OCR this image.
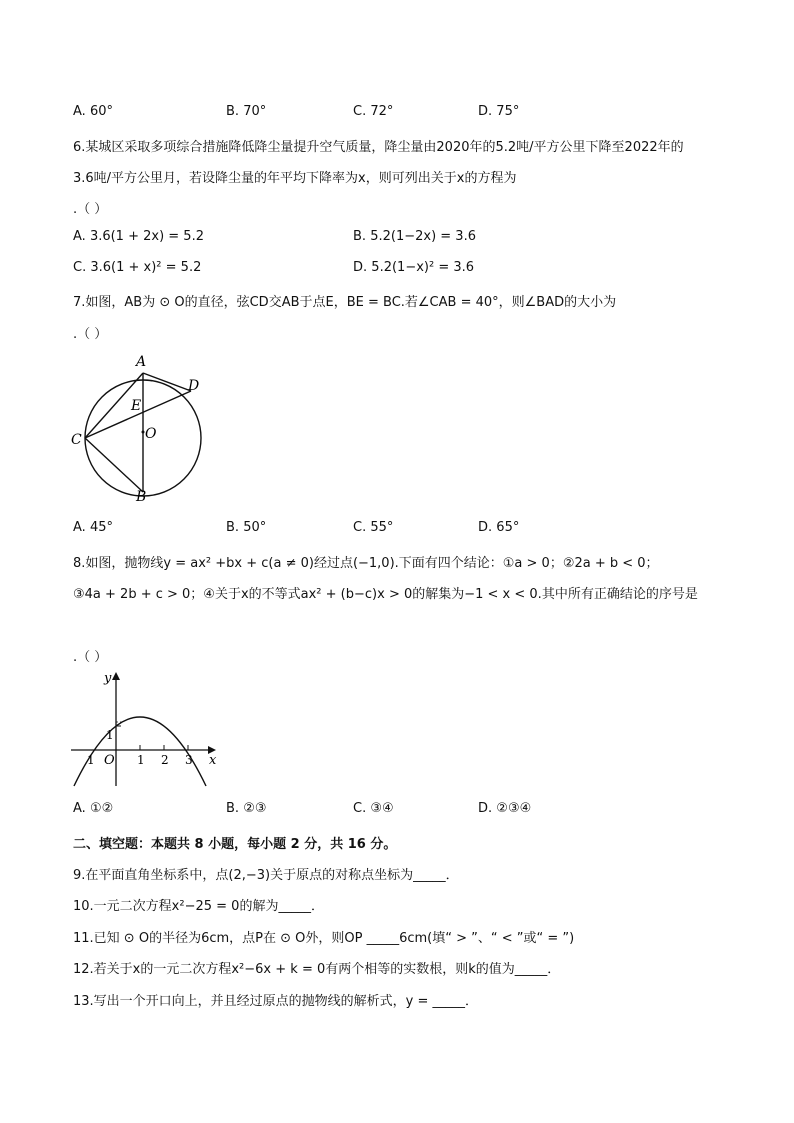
A. 60°	B. 70°	C. 72°	D. 75°
6.某城区采取多项综合措施降低降尘量提升空气质量，降尘量由2020年的5.2吨/平方公里下降至2022年的
3.6吨/平方公里月，若设降尘量的年平均下降率为x，则可列出关于x的方程为
.（ ）
A. 3.6(1 + 2x) = 5.2	B. 5.2(1−2x) = 3.6
C. 3.6(1 + x)² = 5.2	D. 5.2(1−x)² = 3.6
7.如图，AB为 ⊙ O的直径，弦CD交AB于点E，BE = BC.若∠CAB = 40°，则∠BAD的大小为
.（ ）
A
D
E
O
C
B
A. 45°	B. 50°	C. 55°	D. 65°
8.如图，抛物线y = ax² +bx + c(a ≠ 0)经过点(−1,0).下面有四个结论：①a > 0；②2a + b < 0；
③4a + 2b + c > 0；④关于x的不等式ax² + (b−c)x > 0的解集为−1 < x < 0.其中所有正确结论的序号是
.（ ）
y
x
O 1 2 3
1
1
A. ①②	B. ②③	C. ③④	D. ②③④
二、填空题：本题共 8 小题，每小题 2 分，共 16 分。
9.在平面直角坐标系中，点(2,−3)关于原点的对称点坐标为_____．
10.一元二次方程x²−25 = 0的解为_____．
11.已知 ⊙ O的半径为6cm，点P在 ⊙ O外，则OP _____6cm(填“ > ”、“ < ”或“ = ”)
12.若关于x的一元二次方程x²−6x + k = 0有两个相等的实数根，则k的值为_____．
13.写出一个开口向上，并且经过原点的抛物线的解析式，y = _____．
